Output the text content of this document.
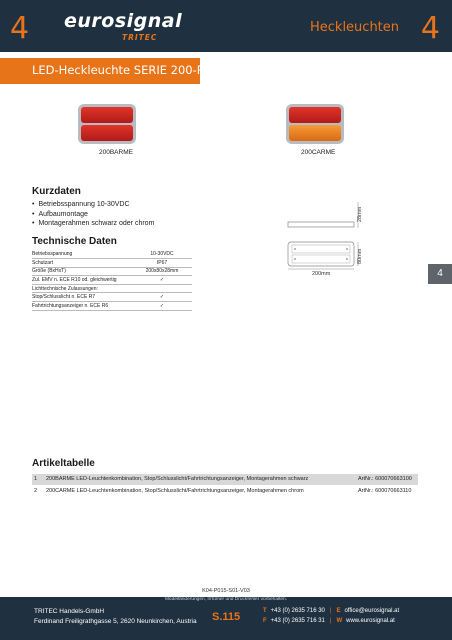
4 eurosignal
TRITEC
Heckleuchten 4
LED-Heckleuchte SERIE 200-R, 2-fach
200BARME	200CARME
Kurzdaten
• Betriebsspannung 10-30VDC
• Aufbaumontage
• Montagerahmen schwarz oder chrom
Technische Daten
Betriebsspannung	10-30VDC
Schutzart	IP67
Größe (BxHxT)	200x80x28mm
Zul. EMV n. ECE R10 od. gleichwertig	✓
Lichttechnische Zulassungen:	
Stop/Schlusslicht n. ECE R7	✓
Fahrtrichtungsanzeiger n. ECE R6	✓
28mm
80mm
200mm	4
Artikeltabelle
1 200BARME LED-Leuchtenkombination, Stop/Schlusslicht/Fahrtrichtungsanzeiger, Montagerahmen schwarz	ArtNr.: 600070663100
2 200CARME LED-Leuchtenkombination, Stop/Schlusslicht/Fahrtrichtungsanzeiger, Montagerahmen chrom	ArtNr.: 600070663110
K04-P015-S01-V03
Modelländerungen, Irrtümer und Druckfehler vorbehalten.
TRITEC Handels-GmbH
Ferdinand Freiligrathgasse 5, 2620 Neunkirchen, Austria S.115	T +43 (0) 2635 716 30 | E office@eurosignal.at
F +43 (0) 2635 716 31 | W www.eurosignal.at
